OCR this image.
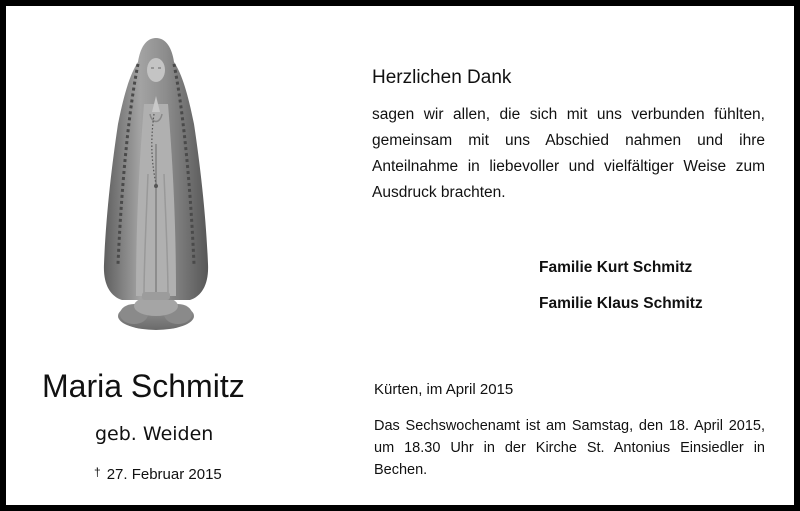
Maria Schmitz
geb. Weiden
† 27. Februar 2015
Herzlichen Dank
sagen wir allen, die sich mit uns verbunden fühlten, gemeinsam mit uns Abschied nahmen und ihre Anteilnahme in liebevoller und vielfältiger Weise zum Ausdruck brachten.
Familie Kurt Schmitz
Familie Klaus Schmitz
Kürten, im April 2015
Das Sechswochenamt ist am Samstag, den 18. April 2015, um 18.30 Uhr in der Kirche St. Antonius Einsiedler in Bechen.
